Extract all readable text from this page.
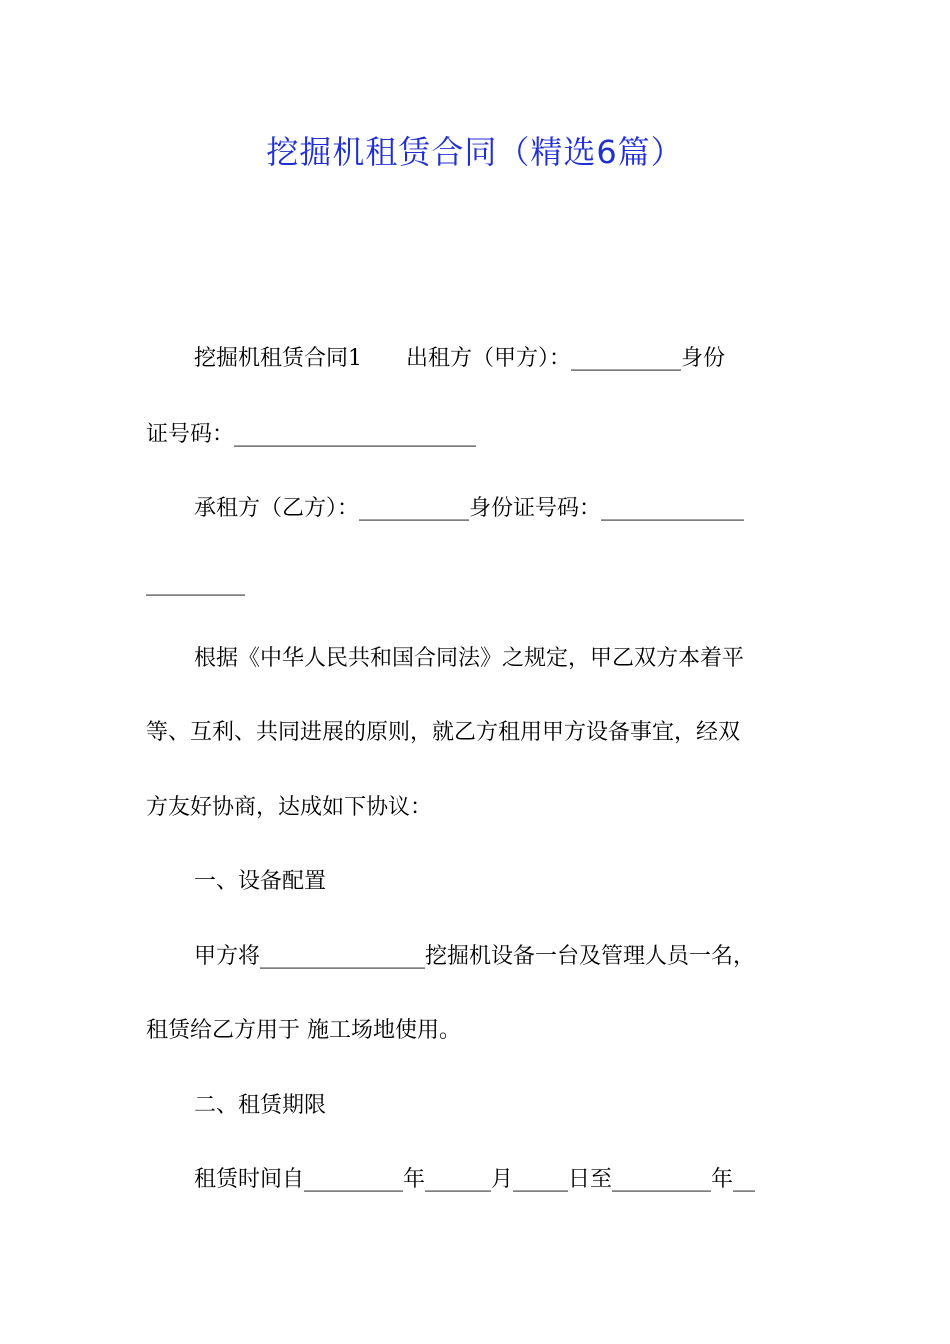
挖掘机租赁合同（精选6篇）
挖掘机租赁合同1　　出租方（甲方）：__________身份
证号码：______________________
承租方（乙方）：__________身份证号码：_____________
_________
根据《中华人民共和国合同法》之规定，甲乙双方本着平
等、互利、共同进展的原则，就乙方租用甲方设备事宜，经双
方友好协商，达成如下协议：
一、设备配置
甲方将_______________挖掘机设备一台及管理人员一名，
租赁给乙方用于 施工场地使用。
二、租赁期限
租赁时间自_________年______月_____日至_________年__
